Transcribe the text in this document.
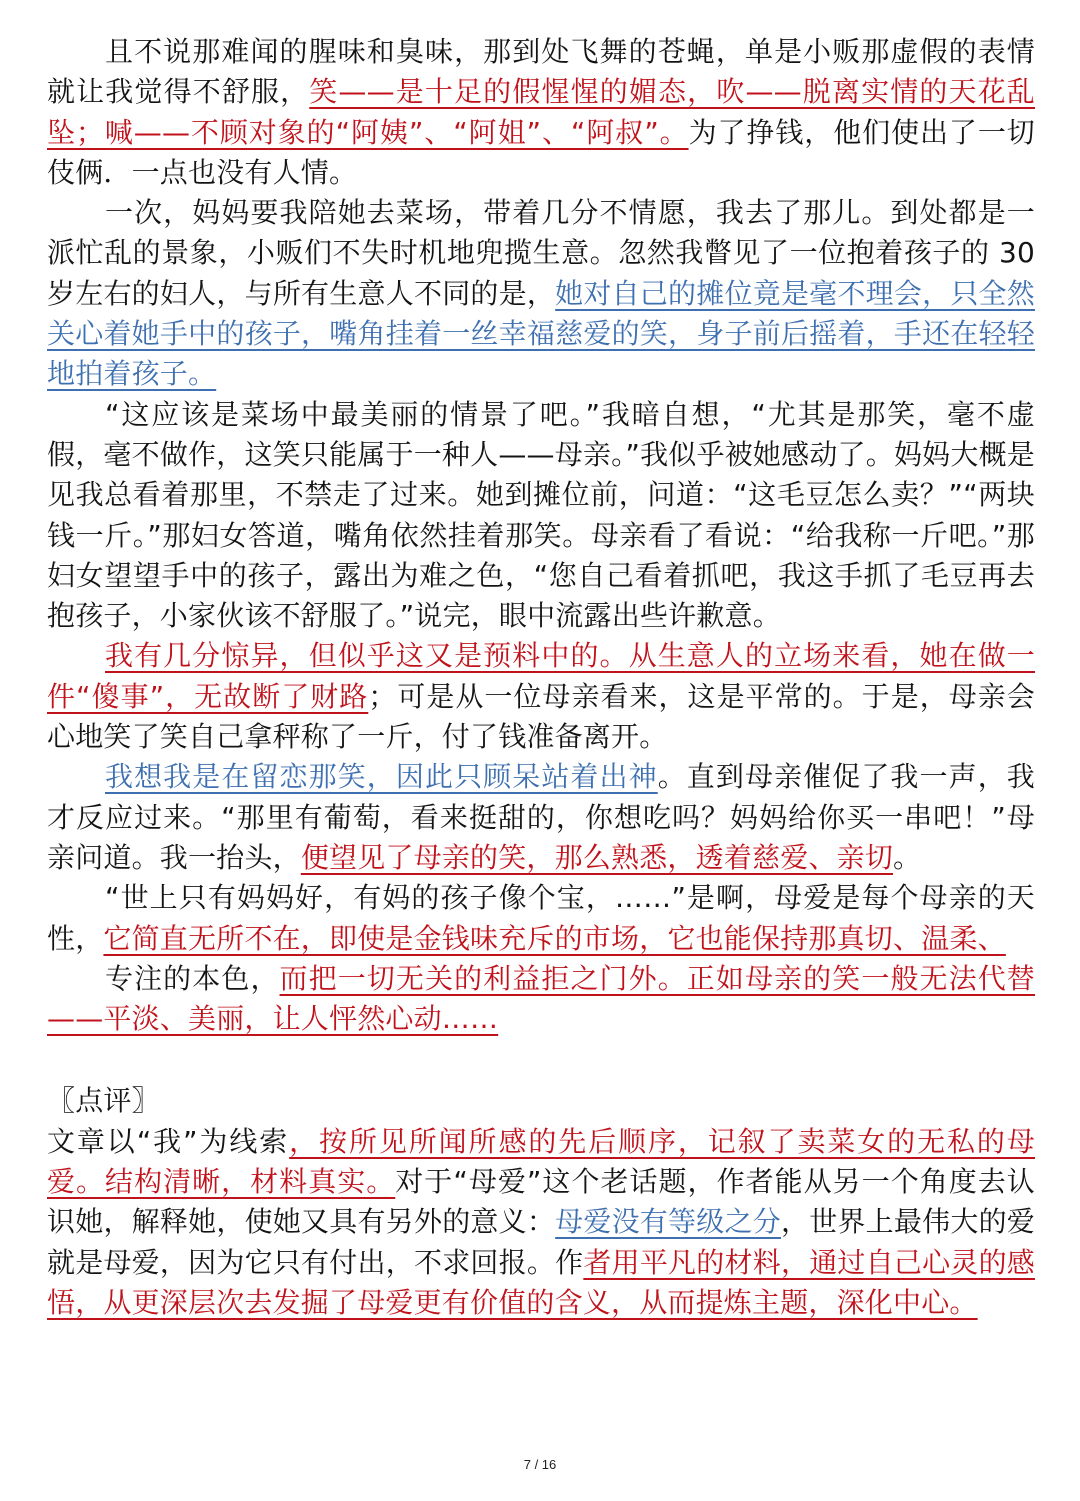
且不说那难闻的腥味和臭味，那到处飞舞的苍蝇，单是小贩那虚假的表情就让我觉得不舒服，笑——是十足的假惺惺的媚态，吹——脱离实情的天花乱坠；喊——不顾对象的“阿姨”、“阿姐”、“阿叔”。为了挣钱，他们使出了一切伎俩．一点也没有人情。

一次，妈妈要我陪她去菜场，带着几分不情愿，我去了那儿。到处都是一派忙乱的景象，小贩们不失时机地兜揽生意。忽然我瞥见了一位抱着孩子的 30 岁左右的妇人，与所有生意人不同的是，她对自己的摊位竟是毫不理会，只全然关心着她手中的孩子，嘴角挂着一丝幸福慈爱的笑，身子前后摇着，手还在轻轻地拍着孩子。

“这应该是菜场中最美丽的情景了吧。”我暗自想，“尤其是那笑，毫不虚假，毫不做作，这笑只能属于一种人——母亲。”我似乎被她感动了。妈妈大概是见我总看着那里，不禁走了过来。她到摊位前，问道：“这毛豆怎么卖？”“两块钱一斤。”那妇女答道，嘴角依然挂着那笑。母亲看了看说：“给我称一斤吧。”那妇女望望手中的孩子，露出为难之色，“您自己看着抓吧，我这手抓了毛豆再去抱孩子，小家伙该不舒服了。”说完，眼中流露出些许歉意。

我有几分惊异，但似乎这又是预料中的。从生意人的立场来看，她在做一件“傻事”，无故断了财路；可是从一位母亲看来，这是平常的。于是，母亲会心地笑了笑自己拿秤称了一斤，付了钱准备离开。

我想我是在留恋那笑，因此只顾呆站着出神。直到母亲催促了我一声，我才反应过来。“那里有葡萄，看来挺甜的，你想吃吗？妈妈给你买一串吧！”母亲问道。我一抬头，便望见了母亲的笑，那么熟悉，透着慈爱、亲切。

“世上只有妈妈好，有妈的孩子像个宝，……”是啊，母爱是每个母亲的天性，它简直无所不在，即使是金钱味充斥的市场，它也能保持那真切、温柔、

专注的本色，而把一切无关的利益拒之门外。正如母亲的笑一般无法代替——平淡、美丽，让人怦然心动……

〖点评〗

文章以“我”为线索，按所见所闻所感的先后顺序，记叙了卖菜女的无私的母爱。结构清晰，材料真实。对于“母爱”这个老话题，作者能从另一个角度去认识她，解释她，使她又具有另外的意义：母爱没有等级之分，世界上最伟大的爱就是母爱，因为它只有付出，不求回报。作者用平凡的材料，通过自己心灵的感悟，从更深层次去发掘了母爱更有价值的含义，从而提炼主题，深化中心。

7 / 16
